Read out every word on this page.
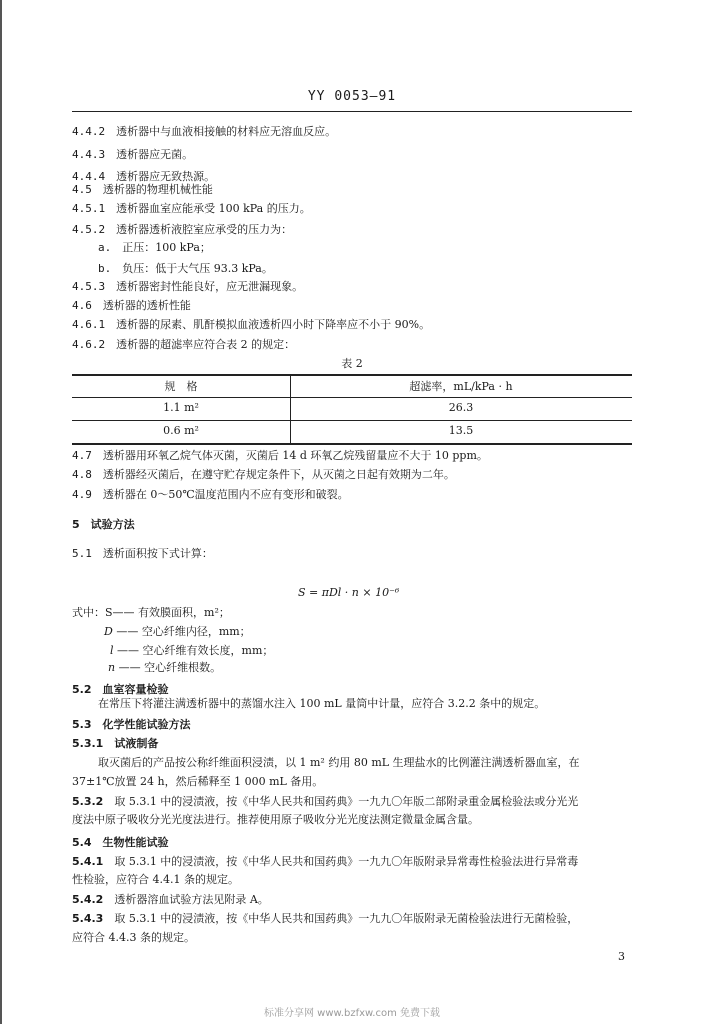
YY 0053—91
4.4.2　 透析器中与血液相接触的材料应无溶血反应。
4.4.3　 透析器应无菌。
4.4.4　 透析器应无致热源。
4.5　 透析器的物理机械性能
4.5.1　 透析器血室应能承受 100 kPa 的压力。
4.5.2　 透析器透析液腔室应承受的压力为：
a.　 正压：100 kPa；
b.　 负压：低于大气压 93.3 kPa。
4.5.3　 透析器密封性能良好，应无泄漏现象。
4.6　 透析器的透析性能
4.6.1　 透析器的尿素、肌酐模拟血液透析四小时下降率应不小于 90%。
4.6.2　 透析器的超滤率应符合表 2 的规定：
表 2
规　格	超滤率，mL/kPa · h
1.1 m²	26.3
0.6 m²	13.5
4.7　 透析器用环氧乙烷气体灭菌，灭菌后 14 d 环氧乙烷残留量应不大于 10 ppm。
4.8　 透析器经灭菌后，在遵守贮存规定条件下，从灭菌之日起有效期为二年。
4.9　 透析器在 0～50℃温度范围内不应有变形和破裂。
5　 试验方法
5.1　 透析面积按下式计算：
S = πDl · n × 10⁻⁶
式中：S—— 有效膜面积，m²；
D —— 空心纤维内径，mm；
l —— 空心纤维有效长度，mm；
n —— 空心纤维根数。
5.2　 血室容量检验
在常压下将灌注满透析器中的蒸馏水注入 100 mL 量筒中计量，应符合 3.2.2 条中的规定。
5.3　 化学性能试验方法
5.3.1　 试液制备
取灭菌后的产品按公称纤维面积浸渍，以 1 m² 约用 80 mL 生理盐水的比例灌注满透析器血室，在
37±1℃放置 24 h，然后稀释至 1 000 mL 备用。
5.3.2　 取 5.3.1 中的浸渍液，按《中华人民共和国药典》一九九〇年版二部附录重金属检验法或分光光
度法中原子吸收分光光度法进行。推荐使用原子吸收分光光度法测定微量金属含量。
5.4　 生物性能试验
5.4.1　 取 5.3.1 中的浸渍液，按《中华人民共和国药典》一九九〇年版附录异常毒性检验法进行异常毒
性检验，应符合 4.4.1 条的规定。
5.4.2　 透析器溶血试验方法见附录 A。
5.4.3　 取 5.3.1 中的浸渍液，按《中华人民共和国药典》一九九〇年版附录无菌检验法进行无菌检验，
应符合 4.4.3 条的规定。
3
标准分享网 www.bzfxw.com 免费下载
